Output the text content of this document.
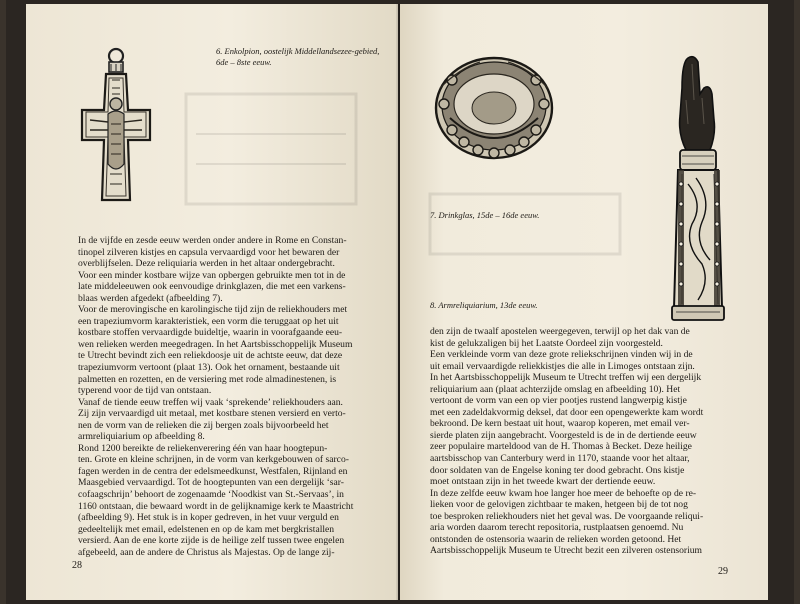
6. Enkolpion, oostelijk Middellandsezee-gebied,
6de – 8ste eeuw.
In de vijfde en zesde eeuw werden onder andere in Rome en Constan-
tinopel zilveren kistjes en capsula vervaardigd voor het bewaren der
overblijfselen. Deze reliquiaria werden in het altaar ondergebracht.
Voor een minder kostbare wijze van opbergen gebruikte men tot in de
late middeleeuwen ook eenvoudige drinkglazen, die met een varkens-
blaas werden afgedekt (afbeelding 7).
Voor de merovingische en karolingische tijd zijn de reliekhouders met
een trapeziumvorm karakteristiek, een vorm die teruggaat op het uit
kostbare stoffen vervaardigde buideltje, waarin in voorafgaande eeu-
wen relieken werden meegedragen. In het Aartsbisschoppelijk Museum
te Utrecht bevindt zich een reliekdoosje uit de achtste eeuw, dat deze
trapeziumvorm vertoont (plaat 13). Ook het ornament, bestaande uit
palmetten en rozetten, en de versiering met rode almadinestenen, is
typerend voor de tijd van ontstaan.
Vanaf de tiende eeuw treffen wij vaak ‘sprekende’ reliekhouders aan.
Zij zijn vervaardigd uit metaal, met kostbare stenen versierd en verto-
nen de vorm van de relieken die zij bergen zoals bijvoorbeeld het
armreliquiarium op afbeelding 8.
Rond 1200 bereikte de reliekenverering één van haar hoogtepun-
ten. Grote en kleine schrijnen, in de vorm van kerkgebouwen of sarco-
fagen werden in de centra der edelsmeedkunst, Westfalen, Rijnland en
Maasgebied vervaardigd. Tot de hoogtepunten van een dergelijk ‘sar-
cofaagschrijn’ behoort de zogenaamde ‘Noodkist van St.-Servaas’, in
1160 ontstaan, die bewaard wordt in de gelijknamige kerk te Maastricht
(afbeelding 9). Het stuk is in koper gedreven, in het vuur verguld en
gedeeltelijk met email, edelstenen en op de kam met bergkristallen
versierd. Aan de ene korte zijde is de heilige zelf tussen twee engelen
afgebeeld, aan de andere de Christus als Majestas. Op de lange zij-
28
7. Drinkglas, 15de – 16de eeuw.
8. Armreliquiarium, 13de eeuw.
den zijn de twaalf apostelen weergegeven, terwijl op het dak van de
kist de gelukzaligen bij het Laatste Oordeel zijn voorgesteld.
Een verkleinde vorm van deze grote reliekschrijnen vinden wij in de
uit email vervaardigde reliekkistjes die alle in Limoges ontstaan zijn.
In het Aartsbisschoppelijk Museum te Utrecht treffen wij een dergelijk
reliquiarium aan (plaat achterzijde omslag en afbeelding 10). Het
vertoont de vorm van een op vier pootjes rustend langwerpig kistje
met een zadeldakvormig deksel, dat door een opengewerkte kam wordt
bekroond. De kern bestaat uit hout, waarop koperen, met email ver-
sierde platen zijn aangebracht. Voorgesteld is de in de dertiende eeuw
zeer populaire marteldood van de H. Thomas à Becket. Deze heilige
aartsbisschop van Canterbury werd in 1170, staande voor het altaar,
door soldaten van de Engelse koning ter dood gebracht. Ons kistje
moet ontstaan zijn in het tweede kwart der dertiende eeuw.
In deze zelfde eeuw kwam hoe langer hoe meer de behoefte op de re-
lieken voor de gelovigen zichtbaar te maken, hetgeen bij de tot nog
toe besproken reliekhouders niet het geval was. De voorgaande reliqui-
aria worden daarom terecht repositoria, rustplaatsen genoemd. Nu
ontstonden de ostensoria waarin de relieken worden getoond. Het
Aartsbisschoppelijk Museum te Utrecht bezit een zilveren ostensorium
29
